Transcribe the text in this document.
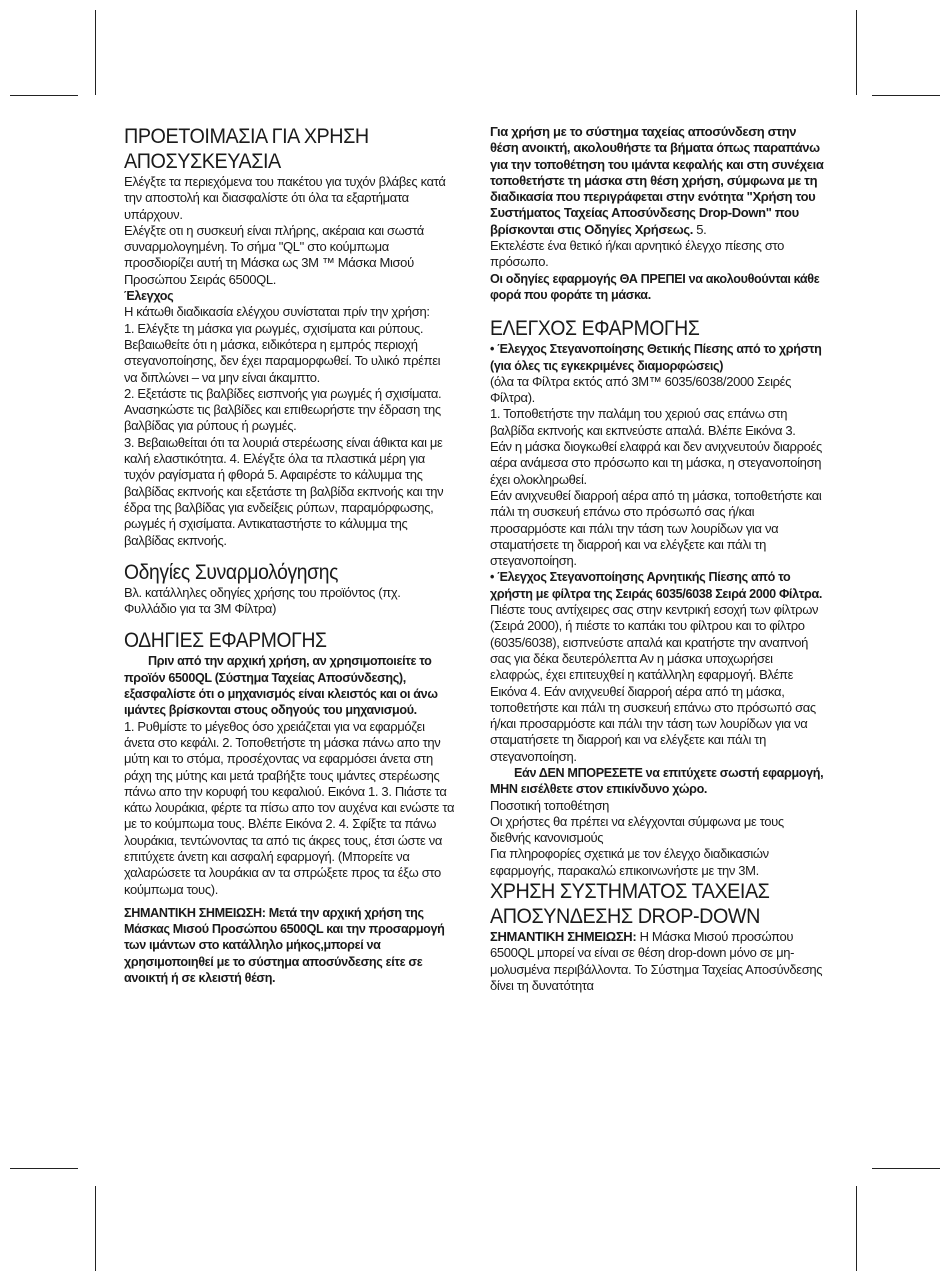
ΠΡΟΕΤΟΙΜΑΣΙΑ ΓΙΑ ΧΡΗΣΗ
ΑΠΟΣΥΣΚΕΥΑΣΙΑ

Ελέγξτε τα περιεχόμενα του πακέτου για τυχόν βλάβες κατά την αποστολή και διασφαλίστε ότι όλα τα εξαρτήματα υπάρχουν.

Ελέγξτε οτι η συσκευή είναι πλήρης, ακέραια και σωστά συναρμολογημένη. Το σήμα "QL" στο κούμπωμα προσδιορίζει αυτή τη Μάσκα ως 3M ™ Μάσκα Μισού Προσώπου Σειράς 6500QL.

Έλεγχος

Η κάτωθι διαδικασία ελέγχου συνίσταται πρίν την χρήση:

1. Ελέγξτε τη μάσκα για ρωγμές, σχισίματα και ρύπους. Βεβαιωθείτε ότι η μάσκα, ειδικότερα η εμπρός περιοχή στεγανοποίησης, δεν έχει παραμορφωθεί. Το υλικό πρέπει να διπλώνει – να μην είναι άκαμπτο.

2. Εξετάστε τις βαλβίδες εισπνοής για ρωγμές ή σχισίματα. Ανασηκώστε τις βαλβίδες και επιθεωρήστε την έδραση της βαλβίδας για ρύπους ή ρωγμές.

3. Βεβαιωθείται ότι τα λουριά στερέωσης είναι άθικτα και με καλή ελαστικότητα. 4. Ελέγξτε όλα τα πλαστικά μέρη για τυχόν ραγίσματα ή φθορά 5. Αφαιρέστε το κάλυμμα της βαλβίδας εκπνοής και εξετάστε τη βαλβίδα εκπνοής και την έδρα της βαλβίδας για ενδείξεις ρύπων, παραμόρφωσης, ρωγμές ή σχισίματα. Αντικαταστήστε το κάλυμμα της βαλβίδας εκπνοής.

Οδηγίες Συναρμολόγησης

Βλ. κατάλληλες οδηγίες χρήσης του προϊόντος (πχ. Φυλλάδιο για τα 3M Φίλτρα)

ΟΔΗΓΙΕΣ ΕΦΑΡΜΟΓΗΣ

Πριν από την αρχική χρήση, αν χρησιμοποιείτε το προϊόν 6500QL (Σύστημα Ταχείας Αποσύνδεσης), εξασφαλίστε ότι ο μηχανισμός είναι κλειστός και οι άνω ιμάντες βρίσκονται στους οδηγούς του μηχανισμού.

1. Ρυθμίστε το μέγεθος όσο χρειάζεται για να εφαρμόζει άνετα στο κεφάλι. 2. Τοποθετήστε τη μάσκα πάνω απο την μύτη και το στόμα, προσέχοντας να εφαρμόσει άνετα στη ράχη της μύτης και μετά τραβήξτε τους ιμάντες στερέωσης πάνω απο την κορυφή του κεφαλιού. Εικόνα 1. 3. Πιάστε τα κάτω λουράκια, φέρτε τα πίσω απο τον αυχένα και ενώστε τα με το κούμπωμα τους. Βλέπε Εικόνα 2. 4. Σφίξτε τα πάνω λουράκια, τεντώνοντας τα από τις άκρες τους, έτσι ώστε να επιτύχετε άνετη και ασφαλή εφαρμογή. (Μπορείτε να χαλαρώσετε τα λουράκια αν τα σπρώξετε προς τα έξω στο κούμπωμα τους).

ΣΗΜΑΝΤΙΚΗ ΣΗΜΕΙΩΣΗ: Μετά την αρχική χρήση της Μάσκας Μισού Προσώπου 6500QL και την προσαρμογή των ιμάντων στο κατάλληλο μήκος,μπορεί να χρησιμοποιηθεί με το σύστημα αποσύνδεσης είτε σε ανοικτή ή σε κλειστή θέση.

Για χρήση με το σύστημα ταχείας αποσύνδεση στην θέση ανοικτή, ακολουθήστε τα βήματα όπως παραπάνω για την τοποθέτηση του ιμάντα κεφαλής και στη συνέχεια τοποθετήστε τη μάσκα στη θέση χρήση, σύμφωνα με τη διαδικασία που περιγράφεται στην ενότητα "Χρήση του Συστήματος Ταχείας Αποσύνδεσης Drop-Down" που βρίσκονται στις Οδηγίες Χρήσεως. 5.

Εκτελέστε ένα θετικό ή/και αρνητικό έλεγχο πίεσης στο πρόσωπο.

Οι οδηγίες εφαρμογής ΘΑ ΠΡΕΠΕΙ να ακολουθούνται κάθε φορά που φοράτε τη μάσκα.

ΕΛΕΓΧΟΣ ΕΦΑΡΜΟΓΗΣ

• Έλεγχος Στεγανοποίησης Θετικής Πίεσης από το χρήστη (για όλες τις εγκεκριμένες διαμορφώσεις)

(όλα τα Φίλτρα εκτός από 3M™ 6035/6038/2000 Σειρές Φίλτρα).

1. Τοποθετήστε την παλάμη του χεριού σας επάνω στη βαλβίδα εκπνοής και εκπνεύστε απαλά. Βλέπε Εικόνα 3.

Εάν η μάσκα διογκωθεί ελαφρά και δεν ανιχνευτούν διαρροές αέρα ανάμεσα στο πρόσωπο και τη μάσκα, η στεγανοποίηση έχει ολοκληρωθεί.

Εάν ανιχνευθεί διαρροή αέρα από τη μάσκα, τοποθετήστε και πάλι τη συσκευή επάνω στο πρόσωπό σας ή/και προσαρμόστε και πάλι την τάση των λουρίδων για να σταματήσετε τη διαρροή και να ελέγξετε και πάλι τη στεγανοποίηση.

• Έλεγχος Στεγανοποίησης Αρνητικής Πίεσης από το χρήστη με φίλτρα της Σειράς 6035/6038 Σειρά 2000 Φίλτρα.

Πιέστε τους αντίχειρες σας στην κεντρική εσοχή των φίλτρων (Σειρά 2000), ή πιέστε το καπάκι του φίλτρου και το φίλτρο (6035/6038), εισπνεύστε απαλά και κρατήστε την αναπνοή σας για δέκα δευτερόλεπτα Αν η μάσκα υποχωρήσει ελαφρώς, έχει επιτευχθεί η κατάλληλη εφαρμογή. Βλέπε Εικόνα 4. Εάν ανιχνευθεί διαρροή αέρα από τη μάσκα, τοποθετήστε και πάλι τη συσκευή επάνω στο πρόσωπό σας ή/και προσαρμόστε και πάλι την τάση των λουρίδων για να σταματήσετε τη διαρροή και να ελέγξετε και πάλι τη στεγανοποίηση.

Εάν ΔΕΝ ΜΠΟΡΕΣΕΤΕ να επιτύχετε σωστή εφαρμογή, ΜΗΝ εισέλθετε στον επικίνδυνο χώρο.

Ποσοτική τοποθέτηση

Οι χρήστες θα πρέπει να ελέγχονται σύμφωνα με τους διεθνής κανονισμούς

Για πληροφορίες σχετικά με τον έλεγχο διαδικασιών εφαρμογής, παρακαλώ επικοινωνήστε με την 3M.

ΧΡΗΣΗ ΣΥΣΤΗΜΑΤΟΣ ΤΑΧΕΙΑΣ
ΑΠΟΣΥΝΔΕΣΗΣ DROP-DOWN

ΣΗΜΑΝΤΙΚΗ ΣΗΜΕΙΩΣΗ: Η Μάσκα Μισού προσώπου 6500QL μπορεί να είναι σε θέση drop-down μόνο σε μη-μολυσμένα περιβάλλοντα. Το Σύστημα Ταχείας Αποσύνδεσης δίνει τη δυνατότητα
